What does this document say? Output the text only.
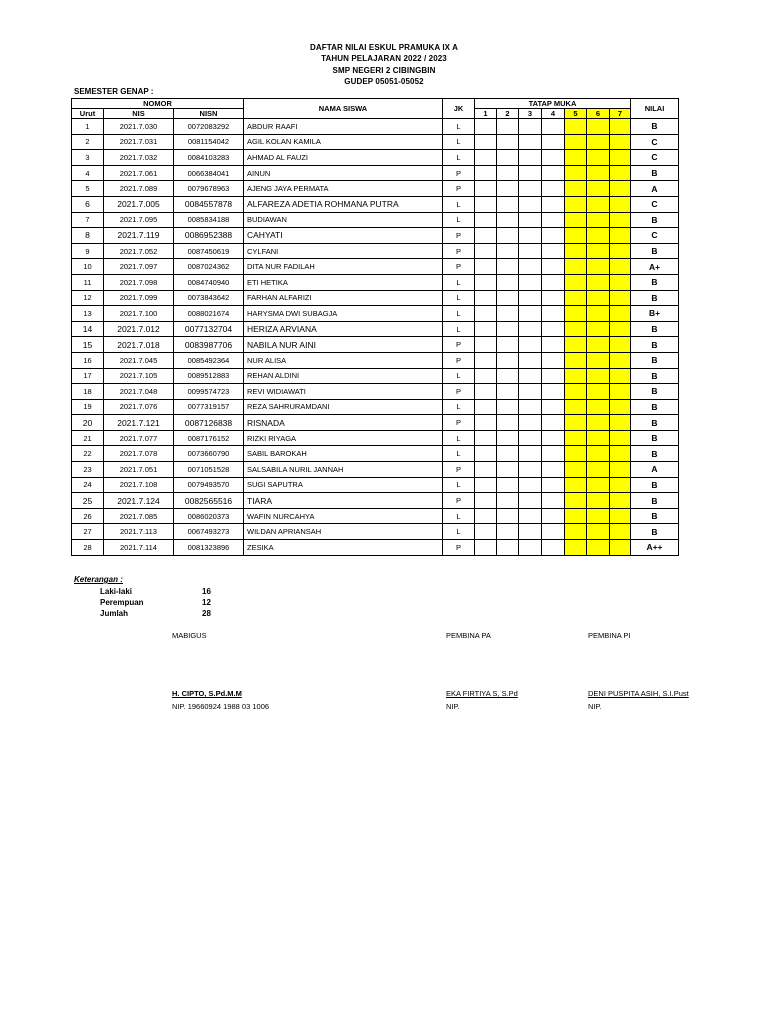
DAFTAR NILAI ESKUL PRAMUKA IX A
TAHUN PELAJARAN 2022 / 2023
SMP NEGERI 2 CIBINGBIN
GUDEP 05051-05052
SEMESTER GENAP :
NOMOR			NAMA SISWA	JK	TATAP MUKA							NILAI
Urut	NIS	NISN			1	2	3	4	5	6	7	
1	2021.7.030	0072083292	ABDUR RAAFI	L								B
2	2021.7.031	0081154042	AGIL KOLAN KAMILA	L								C
3	2021.7.032	0084103283	AHMAD AL FAUZI	L								C
4	2021.7.061	0066384041	AINUN	P								B
5	2021.7.089	0079678963	AJENG JAYA PERMATA	P								A
6	2021.7.005	0084557878	ALFAREZA ADETIA ROHMANA PUTRA	L								C
7	2021.7.095	0085834188	BUDIAWAN	L								B
8	2021.7.119	0086952388	CAHYATI	P								C
9	2021.7.052	0087450619	CYLFANI	P								B
10	2021.7.097	0087024362	DITA NUR FADILAH	P								A+
11	2021.7.098	0084740940	ETI HETIKA	L								B
12	2021.7.099	0073843642	FARHAN ALFARIZI	L								B
13	2021.7.100	0088021674	HARYSMA DWI SUBAGJA	L								B+
14	2021.7.012	0077132704	HERIZA ARVIANA	L								B
15	2021.7.018	0083987706	NABILA NUR AINI	P								B
16	2021.7.045	0085492364	NUR ALISA	P								B
17	2021.7.105	0089512883	REHAN ALDINI	L								B
18	2021.7.048	0099574723	REVI WIDIAWATI	P								B
19	2021.7.076	0077319157	REZA SAHRURAMDANI	L								B
20	2021.7.121	0087126838	RISNADA	P								B
21	2021.7.077	0087176152	RIZKI RIYAGA	L								B
22	2021.7.078	0073660790	SABIL BAROKAH	L								B
23	2021.7.051	0071051528	SALSABILA NURIL JANNAH	P								A
24	2021.7.108	0079493570	SUGI SAPUTRA	L								B
25	2021.7.124	0082565516	TIARA	P								B
26	2021.7.085	0086020373	WAFIN NURCAHYA	L								B
27	2021.7.113	0067493273	WILDAN APRIANSAH	L								B
28	2021.7.114	0081323896	ZESIKA	P								A++
Keterangan :
Laki-laki	16
Perempuan	12
Jumlah	28
MABIGUS	PEMBINA PA	PEMBINA PI
H. CIPTO, S.Pd.M.M	EKA FIRTIYA S, S.Pd	DENI PUSPITA ASIH, S.I.Pust
NIP. 19660924 1988 03 1006	NIP.	NIP.
